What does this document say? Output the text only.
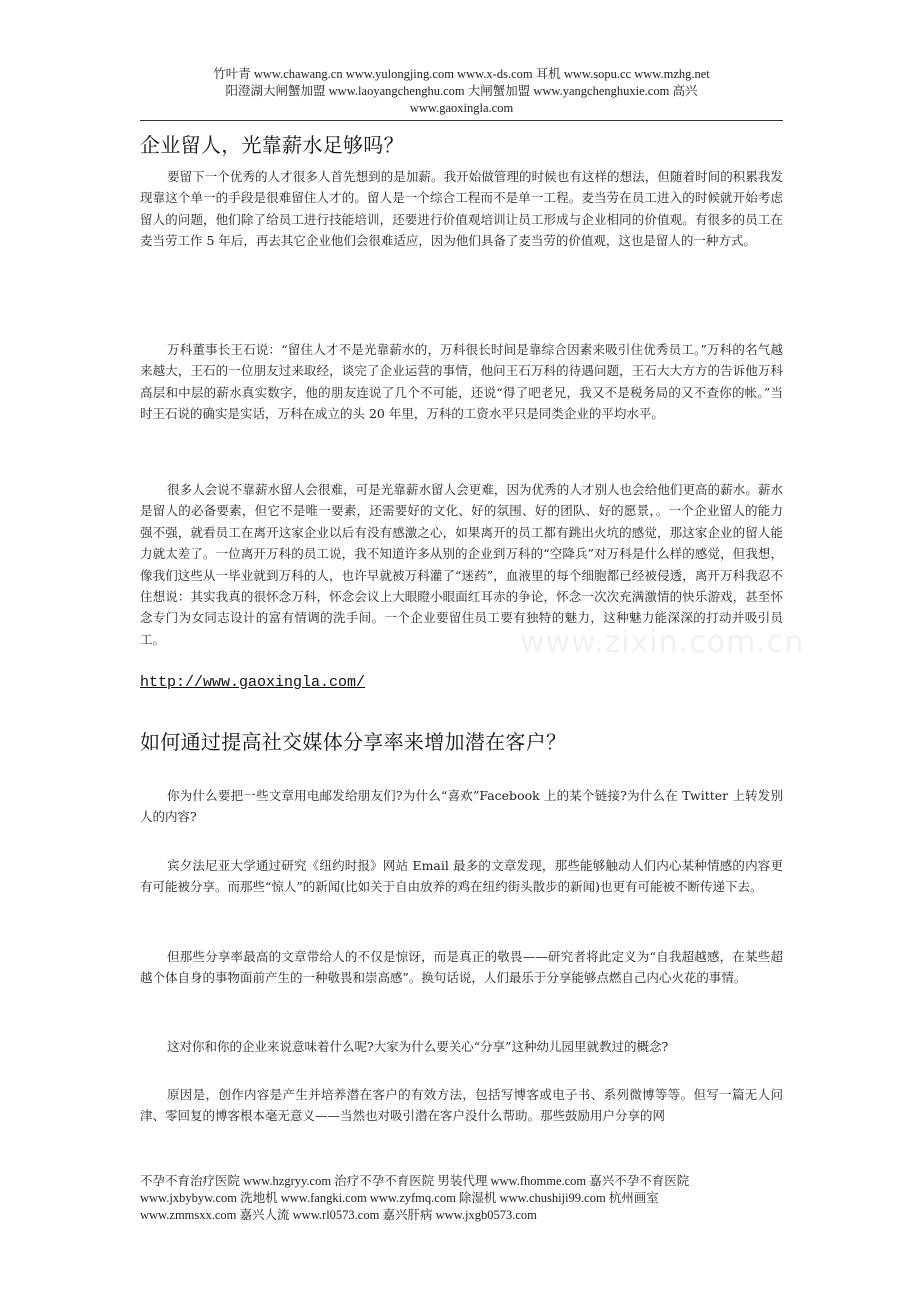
竹叶青 www.chawang.cn www.yulongjing.com www.x-ds.com 耳机 www.sopu.cc www.mzhg.net
阳澄湖大闸蟹加盟 www.laoyangchenghu.com 大闸蟹加盟 www.yangchenghuxie.com 高兴
www.gaoxingla.com
www.zixin.com.cn
企业留人，光靠薪水足够吗？

要留下一个优秀的人才很多人首先想到的是加薪。我开始做管理的时候也有这样的想法，但随着时间的积累我发现靠这个单一的手段是很难留住人才的。留人是一个综合工程而不是单一工程。麦当劳在员工进入的时候就开始考虑留人的问题，他们除了给员工进行技能培训，还要进行价值观培训让员工形成与企业相同的价值观。有很多的员工在麦当劳工作 5 年后，再去其它企业他们会很难适应，因为他们具备了麦当劳的价值观，这也是留人的一种方式。

万科董事长王石说：“留住人才不是光靠薪水的，万科很长时间是靠综合因素来吸引住优秀员工。”万科的名气越来越大，王石的一位朋友过来取经，谈完了企业运营的事情，他问王石万科的待遇问题，王石大大方方的告诉他万科高层和中层的薪水真实数字，他的朋友连说了几个不可能，还说“得了吧老兄，我又不是税务局的又不查你的帐。”当时王石说的确实是实话，万科在成立的头 20 年里，万科的工资水平只是同类企业的平均水平。

很多人会说不靠薪水留人会很难，可是光靠薪水留人会更难，因为优秀的人才别人也会给他们更高的薪水。薪水是留人的必备要素，但它不是唯一要素，还需要好的文化、好的氛围、好的团队、好的愿景，。一个企业留人的能力强不强，就看员工在离开这家企业以后有没有感激之心，如果离开的员工都有跳出火坑的感觉，那这家企业的留人能力就太差了。一位离开万科的员工说，我不知道许多从别的企业到万科的“空降兵”对万科是什么样的感觉，但我想，像我们这些从一毕业就到万科的人，也许早就被万科灌了“迷药”，血液里的每个细胞都已经被侵透，离开万科我忍不住想说：其实我真的很怀念万科，怀念会议上大眼瞪小眼面红耳赤的争论，怀念一次次充满激情的快乐游戏，甚至怀念专门为女同志设计的富有情调的洗手间。一个企业要留住员工要有独特的魅力，这种魅力能深深的打动并吸引员工。

http://www.gaoxingla.com/
如何通过提高社交媒体分享率来增加潜在客户？

你为什么要把一些文章用电邮发给朋友们?为什么“喜欢”Facebook 上的某个链接?为什么在 Twitter 上转发别人的内容?

宾夕法尼亚大学通过研究《纽约时报》网站 Email 最多的文章发现，那些能够触动人们内心某种情感的内容更有可能被分享。而那些“惊人”的新闻(比如关于自由放养的鸡在纽约街头散步的新闻)也更有可能被不断传递下去。

但那些分享率最高的文章带给人的不仅是惊讶，而是真正的敬畏——研究者将此定义为“自我超越感，在某些超越个体自身的事物面前产生的一种敬畏和崇高感”。换句话说，人们最乐于分享能够点燃自己内心火花的事情。

这对你和你的企业来说意味着什么呢?大家为什么要关心“分享”这种幼儿园里就教过的概念?

原因是，创作内容是产生并培养潜在客户的有效方法，包括写博客或电子书、系列微博等等。但写一篇无人问津、零回复的博客根本毫无意义——当然也对吸引潜在客户没什么帮助。那些鼓励用户分享的网

不孕不育治疗医院 www.hzgryy.com 治疗不孕不育医院 男装代理 www.fhomme.com 嘉兴不孕不育医院
www.jxbybyw.com 洗地机 www.fangki.com www.zyfmq.com 除湿机 www.chushiji99.com 杭州画室
www.zmmsxx.com 嘉兴人流 www.rl0573.com 嘉兴肝病 www.jxgb0573.com
